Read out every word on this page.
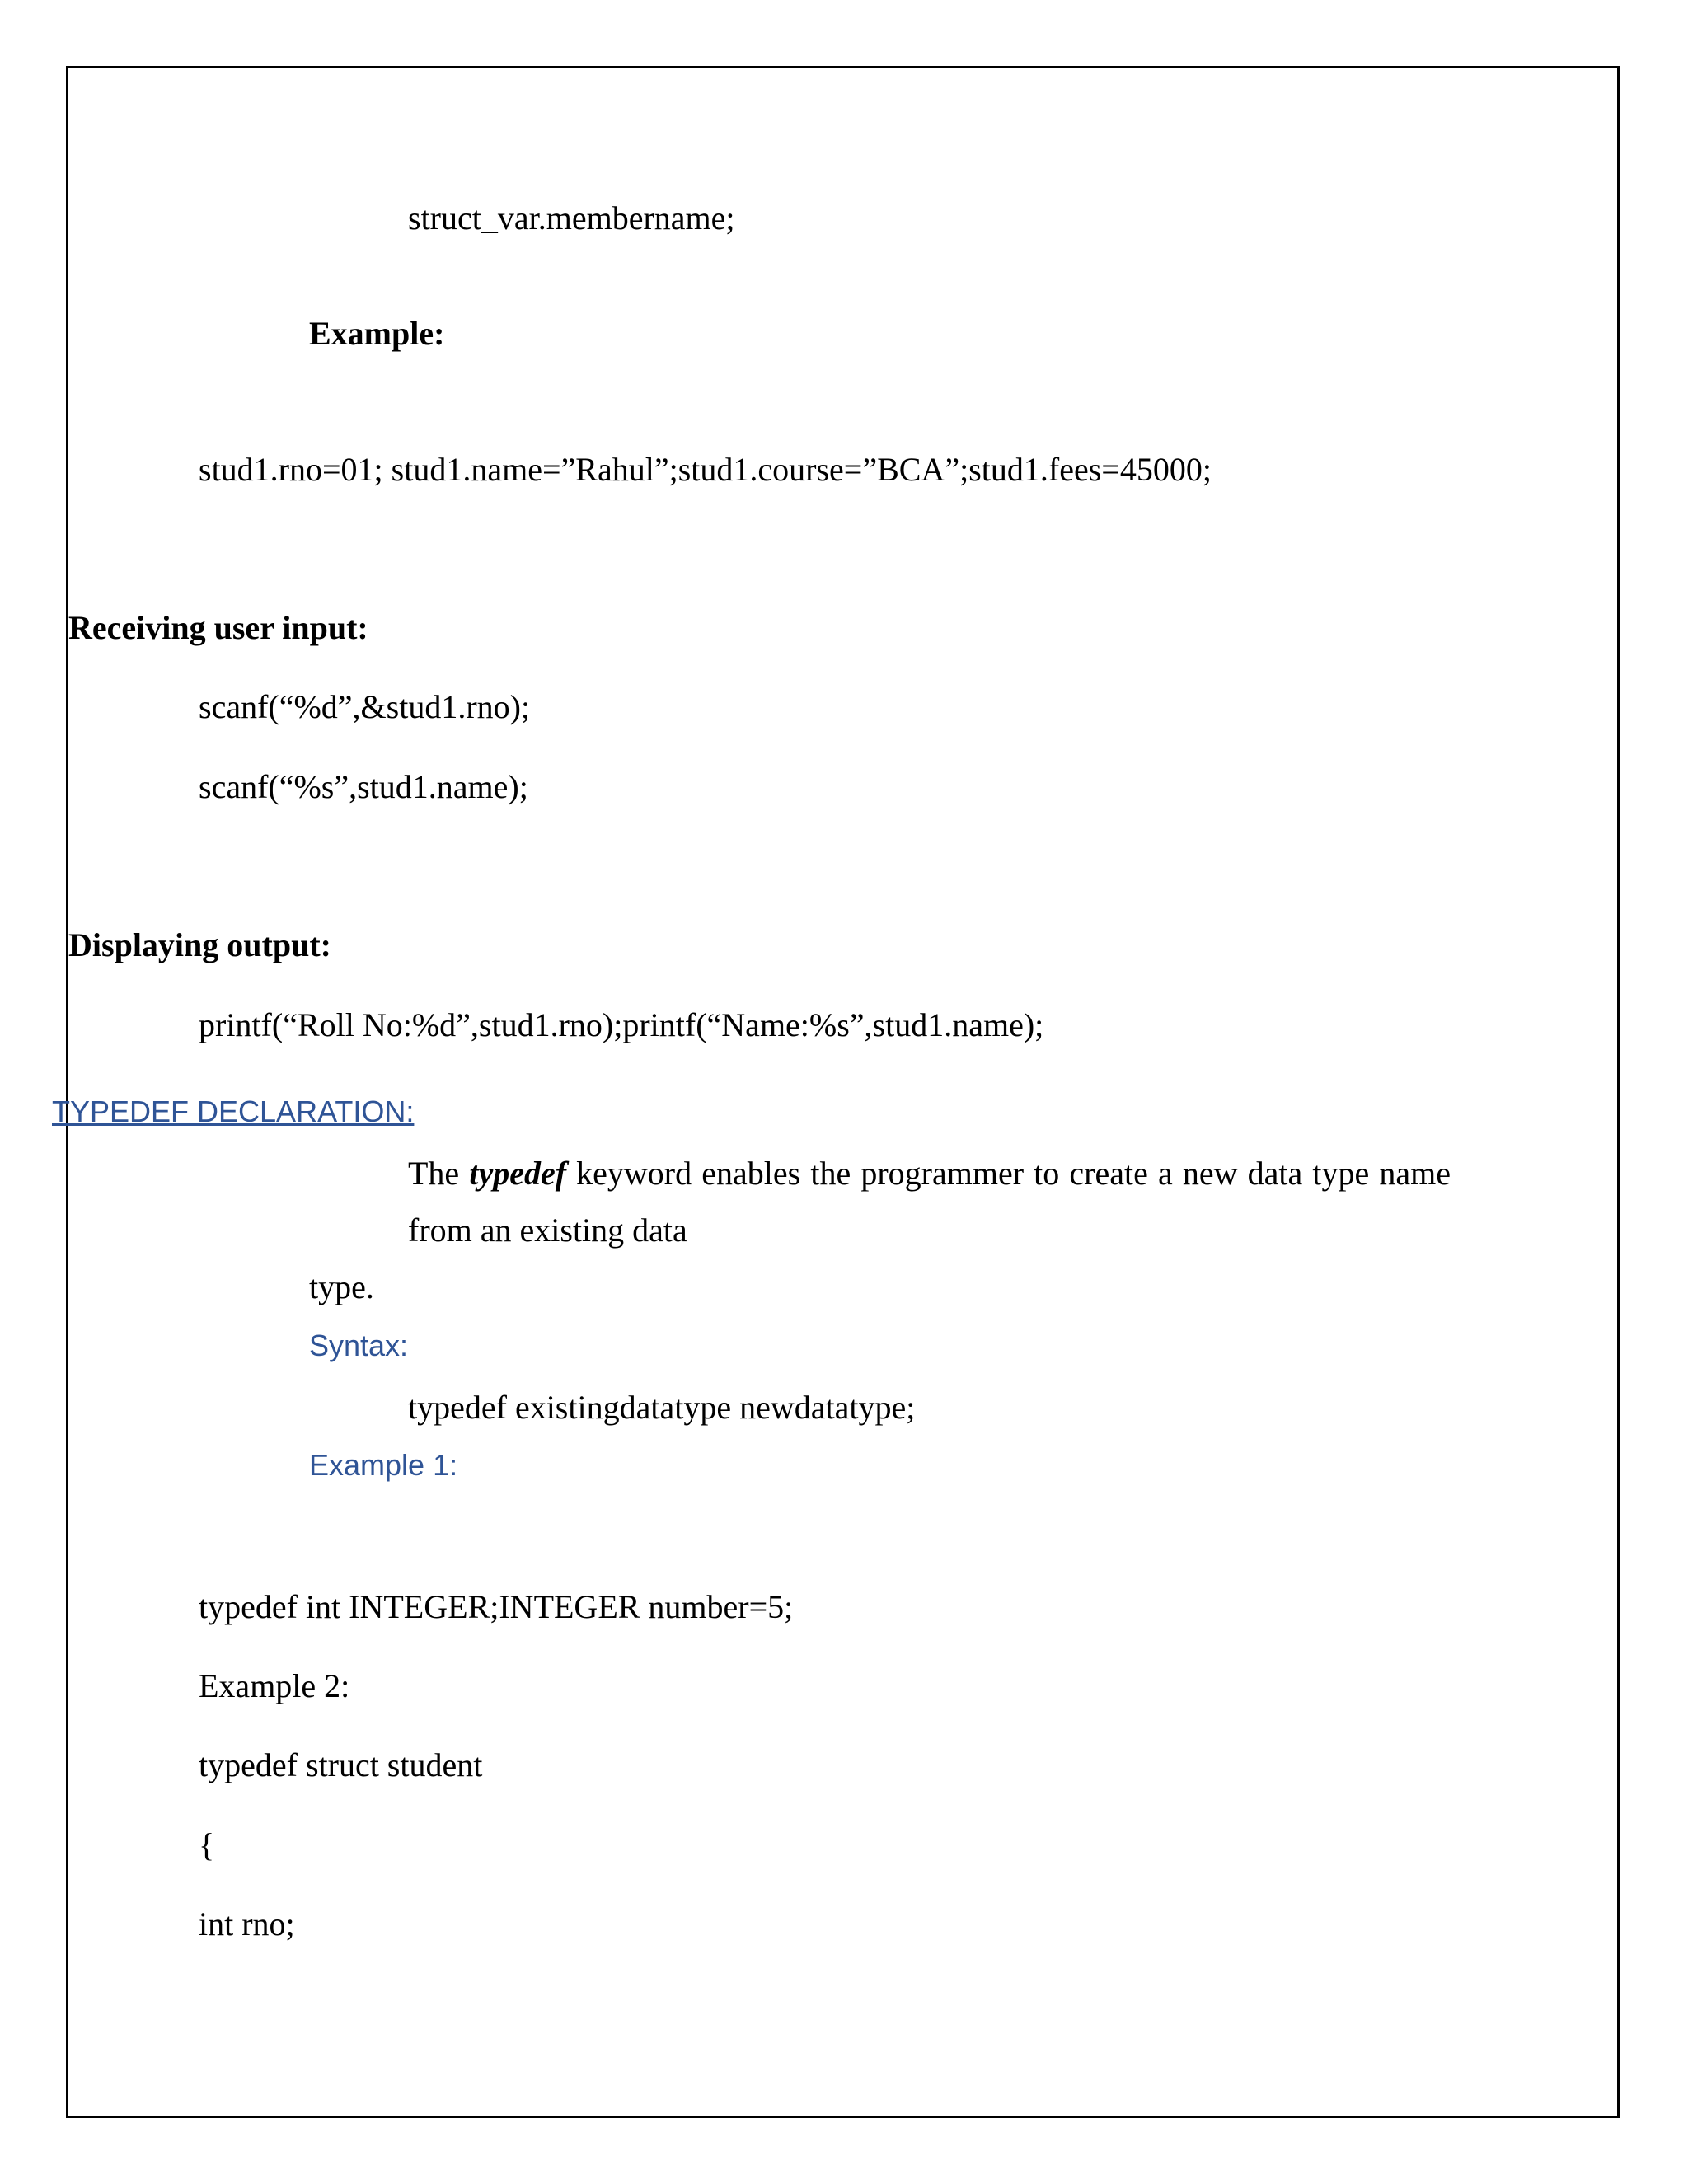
struct_var.membername;
Example:
stud1.rno=01; stud1.name=”Rahul”;stud1.course=”BCA”;stud1.fees=45000;
Receiving user input:
scanf(“%d”,&stud1.rno);
scanf(“%s”,stud1.name);
Displaying output:
printf(“Roll No:%d”,stud1.rno);printf(“Name:%s”,stud1.name);
TYPEDEF DECLARATION:
The typedef keyword enables the programmer to create a new data type name
from an existing data
type.
Syntax:
typedef existingdatatype newdatatype;
Example 1:
typedef int INTEGER;INTEGER number=5;
Example 2:
typedef struct student
{
int rno;
